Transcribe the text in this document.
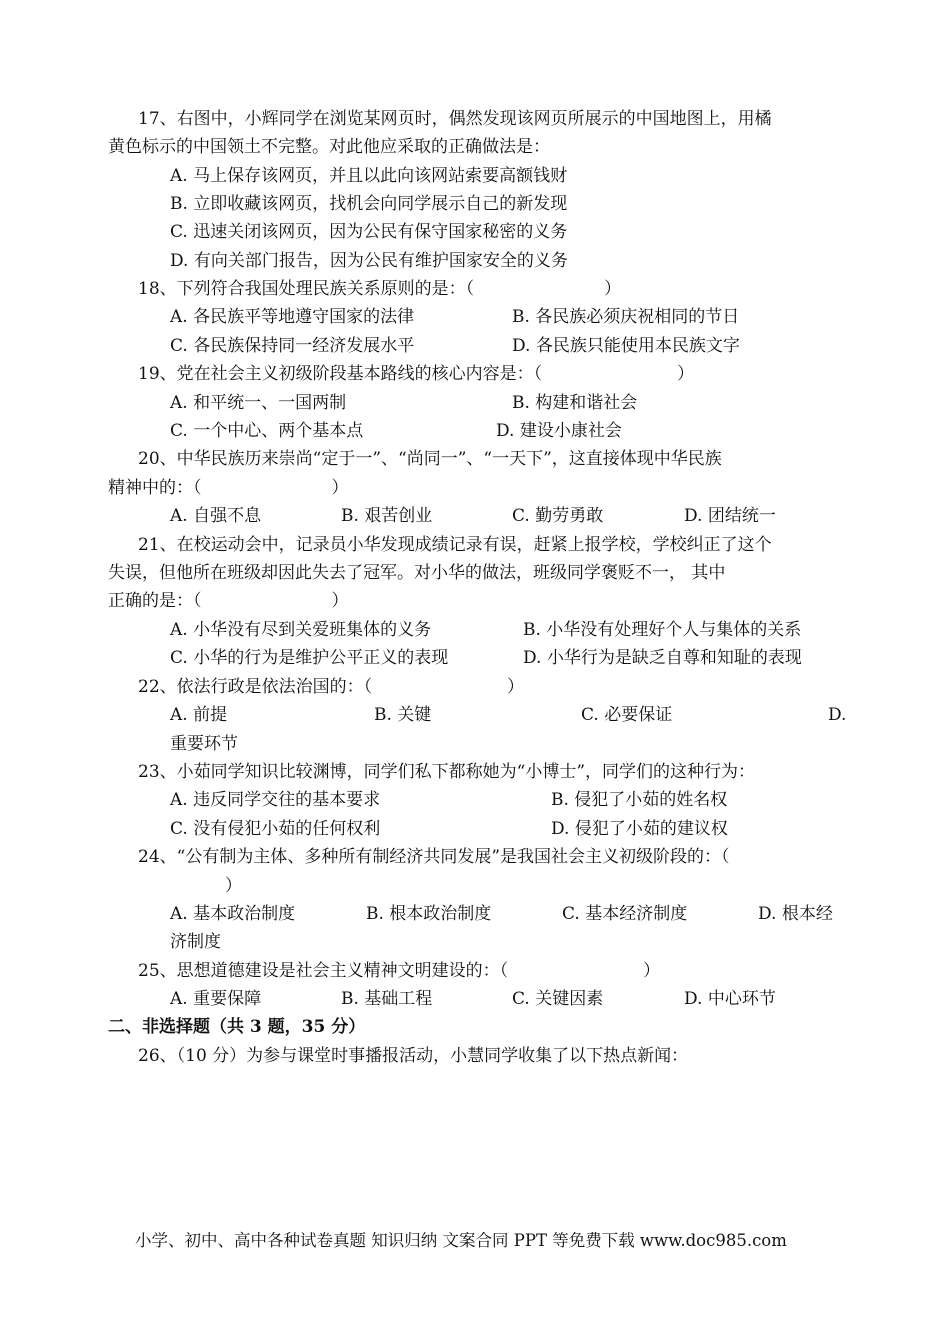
17、右图中，小辉同学在浏览某网页时，偶然发现该网页所展示的中国地图上，用橘
黄色标示的中国领土不完整。对此他应采取的正确做法是：
A. 马上保存该网页，并且以此向该网站索要高额钱财
B. 立即收藏该网页，找机会向同学展示自己的新发现
C. 迅速关闭该网页，因为公民有保守国家秘密的义务
D. 有向关部门报告，因为公民有维护国家安全的义务
18、下列符合我国处理民族关系原则的是：（	）
A. 各民族平等地遵守国家的法律	B. 各民族必须庆祝相同的节日
C. 各民族保持同一经济发展水平	D. 各民族只能使用本民族文字
19、党在社会主义初级阶段基本路线的核心内容是：（	）
A. 和平统一、一国两制	B. 构建和谐社会
C. 一个中心、两个基本点	D. 建设小康社会
20、中华民族历来崇尚“定于一”、“尚同一”、“一天下”，这直接体现中华民族
精神中的：（	）
A. 自强不息	B. 艰苦创业	C. 勤劳勇敢	D. 团结统一
21、在校运动会中，记录员小华发现成绩记录有误，赶紧上报学校，学校纠正了这个
失误，但他所在班级却因此失去了冠军。对小华的做法，班级同学褒贬不一， 其中
正确的是：（	）
A. 小华没有尽到关爱班集体的义务	B. 小华没有处理好个人与集体的关系
C. 小华的行为是维护公平正义的表现	D. 小华行为是缺乏自尊和知耻的表现
22、依法行政是依法治国的：（	）
A. 前提	B. 关键	C. 必要保证	D.
重要环节
23、小茹同学知识比较渊博，同学们私下都称她为“小博士”，同学们的这种行为：
A. 违反同学交往的基本要求	B. 侵犯了小茹的姓名权
C. 没有侵犯小茹的任何权利	D. 侵犯了小茹的建议权
24、“公有制为主体、多种所有制经济共同发展”是我国社会主义初级阶段的：（
）
A. 基本政治制度	B. 根本政治制度	C. 基本经济制度	D. 根本经
济制度
25、思想道德建设是社会主义精神文明建设的：（	）
A. 重要保障	B. 基础工程	C. 关键因素	D. 中心环节
二、非选择题（共 3 题，35 分）
26、（10 分）为参与课堂时事播报活动，小慧同学收集了以下热点新闻：
小学、初中、高中各种试卷真题 知识归纳 文案合同 PPT 等免费下载 www.doc985.com
